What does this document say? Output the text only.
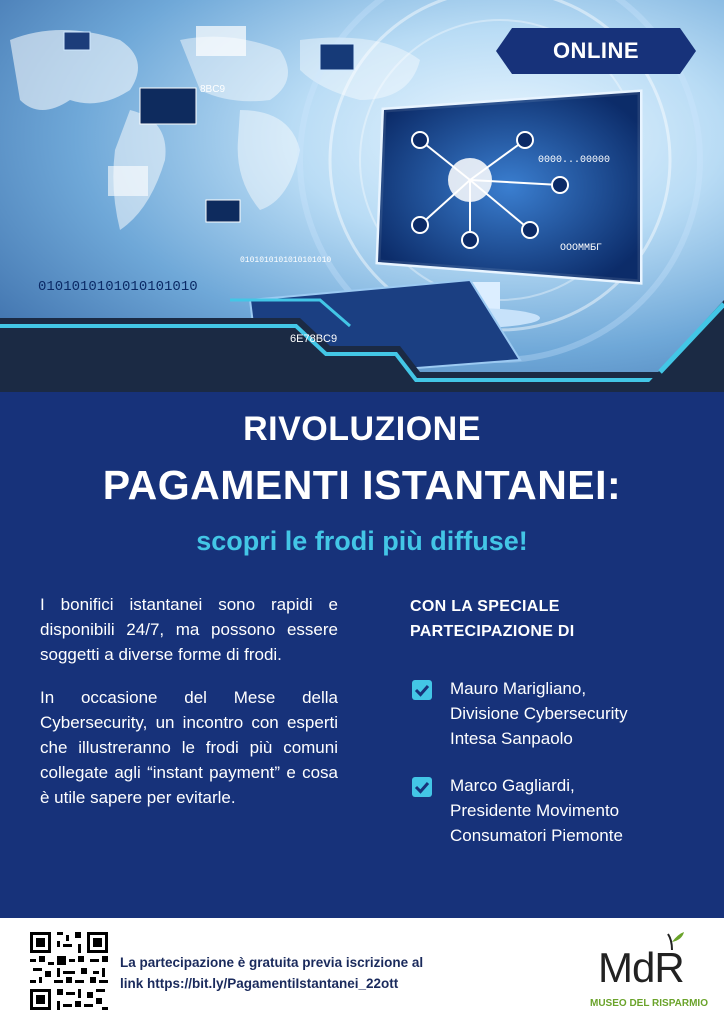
0101010101010101010
0101010101010101010
6E78BC9
8BC9
OOOMMБГ
0000...00000
ONLINE
RIVOLUZIONE
PAGAMENTI ISTANTANEI:
scopri le frodi più diffuse!

I bonifici istantanei sono rapidi e disponibili 24/7, ma possono essere soggetti a diverse forme di frodi.

In occasione del Mese della Cybersecurity, un incontro con esperti che illustreranno le frodi più comuni collegate agli “instant payment” e cosa è utile sapere per evitarle.

CON LA SPECIALE
PARTECIPAZIONE DI
Mauro Marigliano,
Divisione Cybersecurity
Intesa Sanpaolo
Marco Gagliardi,
Presidente Movimento
Consumatori Piemonte
La partecipazione è gratuita previa iscrizione al
link https://bit.ly/PagamentiIstantanei_22ott	MdR
MUSEO DEL RISPARMIO
